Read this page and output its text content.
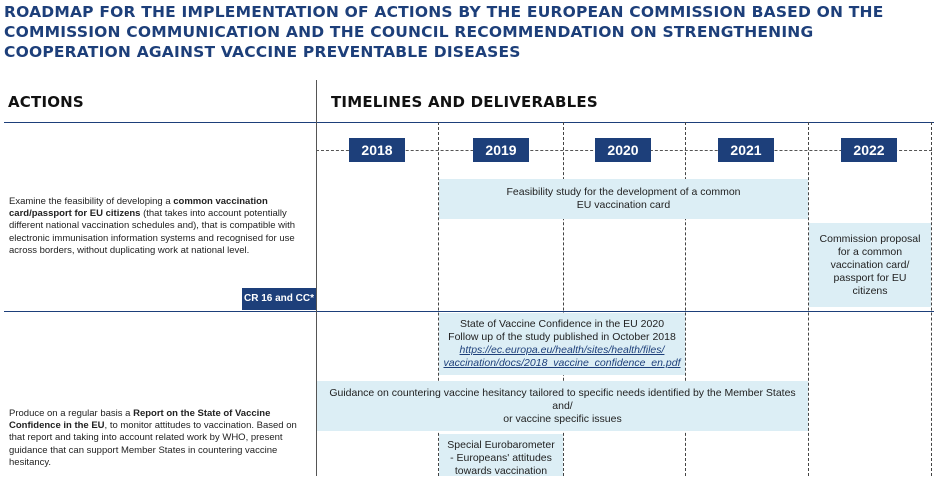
ROADMAP FOR THE IMPLEMENTATION OF ACTIONS BY THE EUROPEAN COMMISSION BASED ON THE COMMISSION COMMUNICATION AND THE COUNCIL RECOMMENDATION ON STRENGTHENING COOPERATION AGAINST VACCINE PREVENTABLE DISEASES
ACTIONS	TIMELINES AND DELIVERABLES
2018	2019	2020	2021	2022
Examine the feasibility of developing a common vaccination card/passport for EU citizens (that takes into account potentially different national vaccination schedules and), that is compatible with electronic immunisation information systems and recognised for use across borders, without duplicating work at national level.
CR 16 and CC*
Feasibility study for the development of a common
EU vaccination card
Commission proposal
for a common
vaccination card/
passport for EU citizens
Produce on a regular basis a Report on the State of Vaccine Confidence in the EU, to monitor attitudes to vaccination. Based on that report and taking into account related work by WHO, present guidance that can support Member States in countering vaccine hesitancy.
State of Vaccine Confidence in the EU 2020
Follow up of the study published in October 2018
https://ec.europa.eu/health/sites/health/files/
vaccination/docs/2018_vaccine_confidence_en.pdf
Guidance on countering vaccine hesitancy tailored to specific needs identified by the Member States and/
or vaccine specific issues
Special Eurobarometer
- Europeans' attitudes
towards vaccination
